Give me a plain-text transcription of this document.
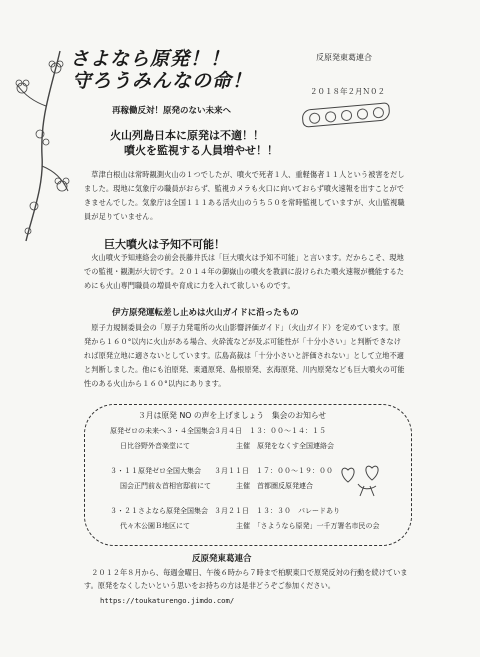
さよなら原発！！
守ろうみんなの命！
反原発東葛連合
２０１８年２月Ｎ０２
再稼働反対！原発のない未来へ
火山列島日本に原発は不適！！
噴火を監視する人員増やせ！！
　草津白根山は常時観測火山の１つでしたが、噴火で死者１人、重軽傷者１１人という被害をだしました。現地に気象庁の職員がおらず、監視カメラも火口に向いておらず噴火速報を出すことができませんでした。気象庁は全国１１１ある活火山のうち５０を常時監視していますが、火山監視職員が足りていません。
巨大噴火は予知不可能！
　火山噴火予知連絡会の前会長藤井氏は「巨大噴火は予知不可能」と言います。だからこそ、現地での監視・観測が大切です。２０１４年の御嶽山の噴火を教訓に設けられた噴火速報が機能するためにも火山専門職員の増員や育成に力を入れて欲しいものです。
伊方原発運転差し止めは火山ガイドに沿ったもの
　原子力規制委員会の「原子力発電所の火山影響評価ガイド」（火山ガイド）を定めています。原発から１６０°以内に火山がある場合、火砕流などが及ぶ可能性が「十分小さい」と判断できなければ原発立地に適さないとしています。広島高裁は「十分小さいと評価されない」として立地不適と判断しました。他にも泊原発、東通原発、島根原発、玄海原発、川内原発なども巨大噴火の可能性のある火山から１６０°以内にあります。
３月は原発 NO の声を上げましょう　集会のお知らせ
原発ゼロの未来へ３・４全国集会 ３月４日　１３：００～１４：１５
日比谷野外音楽堂にて	主催　原発をなくす全国連絡会
３・１１原発ゼロ全国大集会 ３月１１日　１７：００～１９：００
国会正門前＆首相官邸前にて	主催　首都圏反原発連合
３・２１さよなら原発全国集会 ３月２１日　１３：３０　パレードあり
代々木公園Ｂ地区にて	主催　「さようなら原発」一千万署名市民の会
反原発東葛連合
　２０１２年８月から、毎週金曜日、午後６時から７時まで柏駅東口で原発反対の行動を続けています。原発をなくしたいという思いをお持ちの方は是非どうぞご参加ください。
https://toukaturengo.jimdo.com/
